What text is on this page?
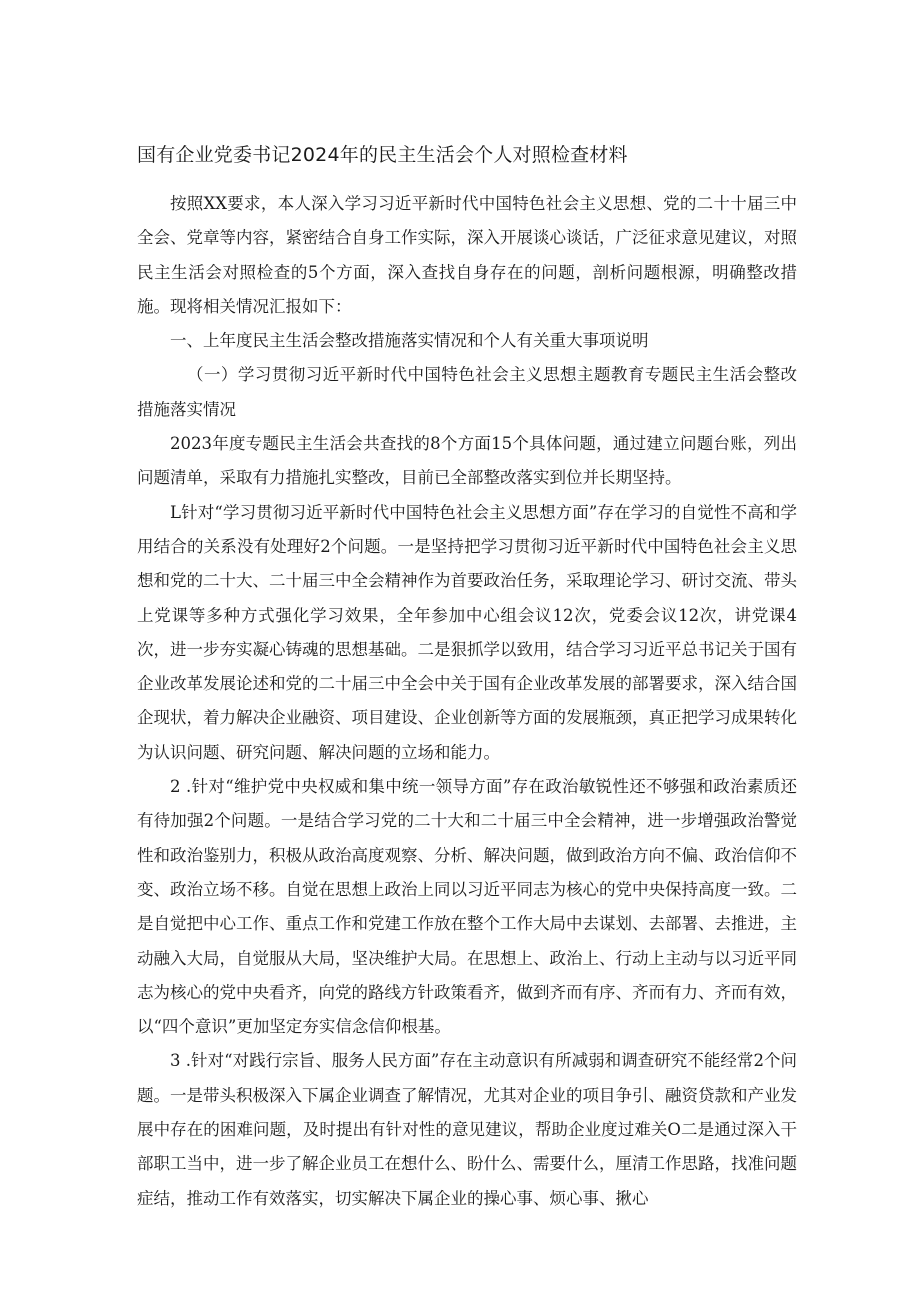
国有企业党委书记2024年的民主生活会个人对照检查材料

按照XX要求，本人深入学习习近平新时代中国特色社会主义思想、党的二十十届三中全会、党章等内容，紧密结合自身工作实际，深入开展谈心谈话，广泛征求意见建议，对照民主生活会对照检查的5个方面，深入查找自身存在的问题，剖析问题根源，明确整改措施。现将相关情况汇报如下：

一、上年度民主生活会整改措施落实情况和个人有关重大事项说明

（一）学习贯彻习近平新时代中国特色社会主义思想主题教育专题民主生活会整改措施落实情况

2023年度专题民主生活会共查找的8个方面15个具体问题，通过建立问题台账，列出问题清单，采取有力措施扎实整改，目前已全部整改落实到位并长期坚持。

L针对“学习贯彻习近平新时代中国特色社会主义思想方面”存在学习的自觉性不高和学用结合的关系没有处理好2个问题。一是坚持把学习贯彻习近平新时代中国特色社会主义思想和党的二十大、二十届三中全会精神作为首要政治任务，采取理论学习、研讨交流、带头上党课等多种方式强化学习效果，全年参加中心组会议12次，党委会议12次，讲党课4次，进一步夯实凝心铸魂的思想基础。二是狠抓学以致用，结合学习习近平总书记关于国有企业改革发展论述和党的二十届三中全会中关于国有企业改革发展的部署要求，深入结合国企现状，着力解决企业融资、项目建设、企业创新等方面的发展瓶颈，真正把学习成果转化为认识问题、研究问题、解决问题的立场和能力。

2 .针对“维护党中央权威和集中统一领导方面”存在政治敏锐性还不够强和政治素质还有待加强2个问题。一是结合学习党的二十大和二十届三中全会精神，进一步增强政治警觉性和政治鉴别力，积极从政治高度观察、分析、解决问题，做到政治方向不偏、政治信仰不变、政治立场不移。自觉在思想上政治上同以习近平同志为核心的党中央保持高度一致。二是自觉把中心工作、重点工作和党建工作放在整个工作大局中去谋划、去部署、去推进，主动融入大局，自觉服从大局，坚决维护大局。在思想上、政治上、行动上主动与以习近平同志为核心的党中央看齐，向党的路线方针政策看齐，做到齐而有序、齐而有力、齐而有效，以“四个意识”更加坚定夯实信念信仰根基。

3 .针对“对践行宗旨、服务人民方面”存在主动意识有所减弱和调查研究不能经常2个问题。一是带头积极深入下属企业调查了解情况，尤其对企业的项目争引、融资贷款和产业发展中存在的困难问题，及时提出有针对性的意见建议，帮助企业度过难关O二是通过深入干部职工当中，进一步了解企业员工在想什么、盼什么、需要什么，厘清工作思路，找准问题症结，推动工作有效落实，切实解决下属企业的操心事、烦心事、揪心
